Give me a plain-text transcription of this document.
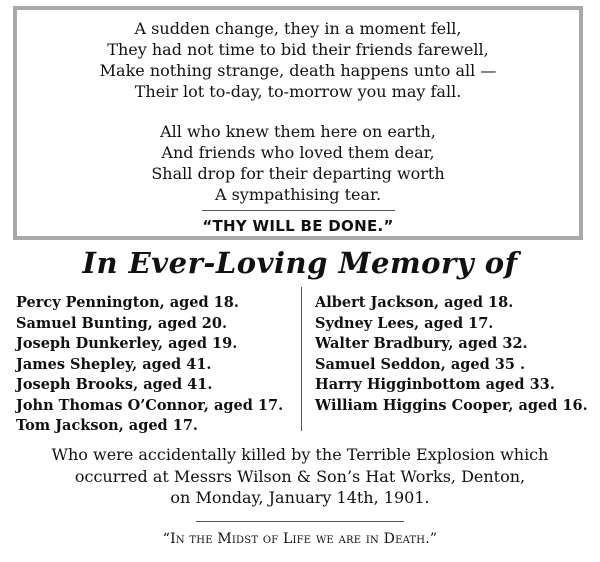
A sudden change, they in a moment fell,
They had not time to bid their friends farewell,
Make nothing strange, death happens unto all —
Their lot to-day, to-morrow you may fall.
All who knew them here on earth,
And friends who loved them dear,
Shall drop for their departing worth
A sympathising tear.
“THY WILL BE DONE.”
In Ever-Loving Memory of
Percy Pennington, aged 18.
Samuel Bunting, aged 20.
Joseph Dunkerley, aged 19.
James Shepley, aged 41.
Joseph Brooks, aged 41.
John Thomas O’Connor, aged 17.
Tom Jackson, aged 17.
Albert Jackson, aged 18.
Sydney Lees, aged 17.
Walter Bradbury, aged 32.
Samuel Seddon, aged 35 .
Harry Higginbottom aged 33.
William Higgins Cooper, aged 16.
Who were accidentally killed by the Terrible Explosion which
occurred at Messrs Wilson & Son’s Hat Works, Denton,
on Monday, January 14th, 1901.
“In the Midst of Life we are in Death.”
